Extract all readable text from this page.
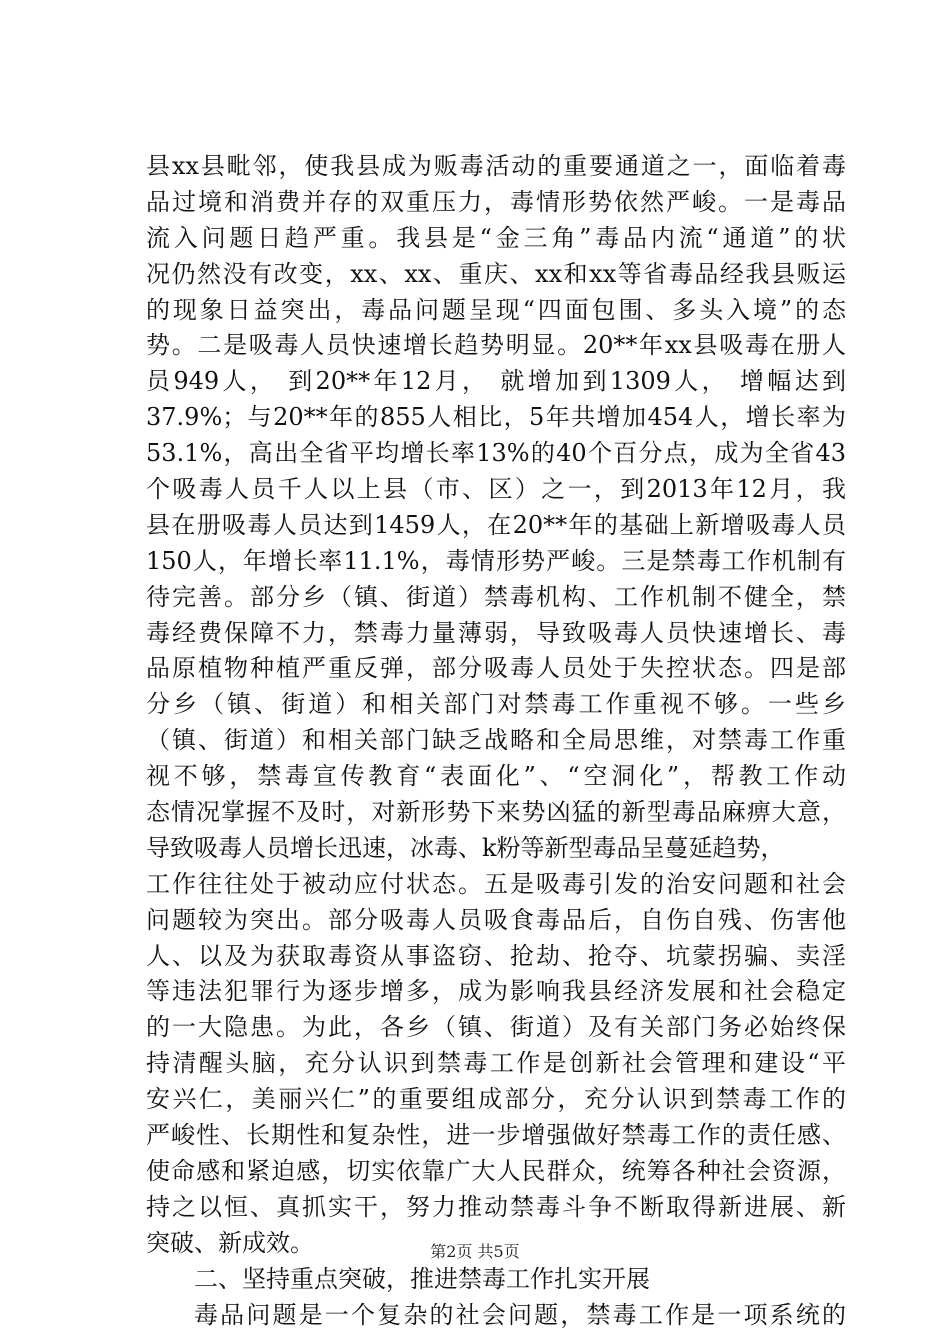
县xx县毗邻，使我县成为贩毒活动的重要通道之一，面临着毒
品过境和消费并存的双重压力，毒情形势依然严峻。一是毒品
流入问题日趋严重。我县是“金三角”毒品内流“通道”的状
况仍然没有改变，xx、xx、重庆、xx和xx等省毒品经我县贩运
的现象日益突出，毒品问题呈现“四面包围、多头入境”的态
势。二是吸毒人员快速增长趋势明显。20**年xx县吸毒在册人
员949人， 到20**年12月， 就增加到1309人， 增幅达到
37.9%；与20**年的855人相比，5年共增加454人，增长率为
53.1%，高出全省平均增长率13%的40个百分点，成为全省43
个吸毒人员千人以上县（市、区）之一，到2013年12月，我
县在册吸毒人员达到1459人，在20**年的基础上新增吸毒人员
150人，年增长率11.1%，毒情形势严峻。三是禁毒工作机制有
待完善。部分乡（镇、街道）禁毒机构、工作机制不健全，禁
毒经费保障不力，禁毒力量薄弱，导致吸毒人员快速增长、毒
品原植物种植严重反弹，部分吸毒人员处于失控状态。四是部
分乡（镇、街道）和相关部门对禁毒工作重视不够。一些乡
（镇、街道）和相关部门缺乏战略和全局思维，对禁毒工作重
视不够，禁毒宣传教育“表面化”、“空洞化”，帮教工作动
态情况掌握不及时，对新形势下来势凶猛的新型毒品麻痹大意，
导致吸毒人员增长迅速，冰毒、k粉等新型毒品呈蔓延趋势，
工作往往处于被动应付状态。五是吸毒引发的治安问题和社会
问题较为突出。部分吸毒人员吸食毒品后，自伤自残、伤害他
人、以及为获取毒资从事盗窃、抢劫、抢夺、坑蒙拐骗、卖淫
等违法犯罪行为逐步增多，成为影响我县经济发展和社会稳定
的一大隐患。为此，各乡（镇、街道）及有关部门务必始终保
持清醒头脑，充分认识到禁毒工作是创新社会管理和建设“平
安兴仁，美丽兴仁”的重要组成部分，充分认识到禁毒工作的
严峻性、长期性和复杂性，进一步增强做好禁毒工作的责任感、
使命感和紧迫感，切实依靠广大人民群众，统筹各种社会资源，
持之以恒、真抓实干，努力推动禁毒斗争不断取得新进展、新
突破、新成效。
二、坚持重点突破，推进禁毒工作扎实开展
毒品问题是一个复杂的社会问题，禁毒工作是一项系统的
第2页 共5页
